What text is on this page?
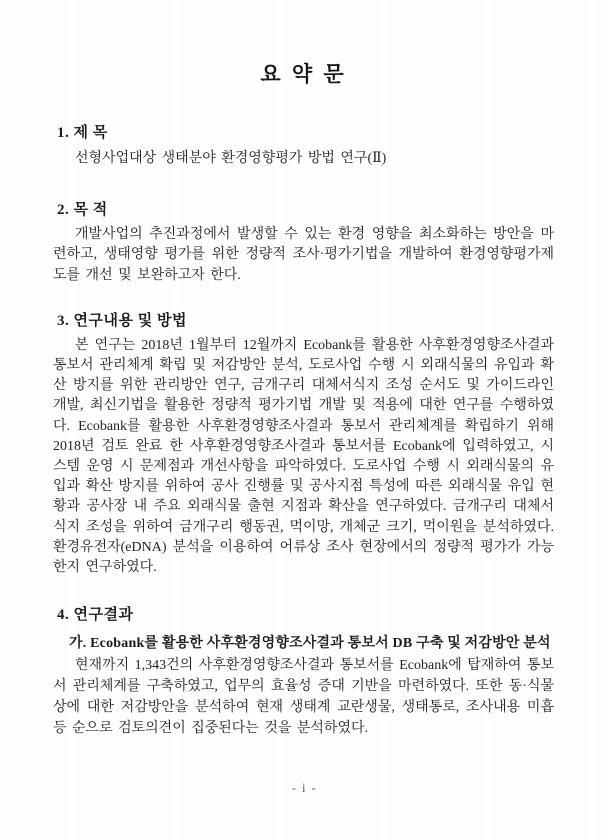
요 약 문
1. 제 목

선형사업대상 생태분야 환경영향평가 방법 연구(Ⅱ)

2. 목 적

개발사업의 추진과정에서 발생할 수 있는 환경 영향을 최소화하는 방안을 마련하고, 생태영향 평가를 위한 정량적 조사·평가기법을 개발하여 환경영향평가제도를 개선 및 보완하고자 한다.

3. 연구내용 및 방법

본 연구는 2018년 1월부터 12월까지 Ecobank를 활용한 사후환경영향조사결과 통보서 관리체계 확립 및 저감방안 분석, 도로사업 수행 시 외래식물의 유입과 확산 방지를 위한 관리방안 연구, 금개구리 대체서식지 조성 순서도 및 가이드라인 개발, 최신기법을 활용한 정량적 평가기법 개발 및 적용에 대한 연구를 수행하였다. Ecobank를 활용한 사후환경영향조사결과 통보서 관리체계를 확립하기 위해 2018년 검토 완료 한 사후환경영향조사결과 통보서를 Ecobank에 입력하였고, 시스템 운영 시 문제점과 개선사항을 파악하였다. 도로사업 수행 시 외래식물의 유입과 확산 방지를 위하여 공사 진행률 및 공사지점 특성에 따른 외래식물 유입 현황과 공사장 내 주요 외래식물 출현 지점과 확산을 연구하였다. 금개구리 대체서식지 조성을 위하여 금개구리 행동권, 먹이망, 개체군 크기, 먹이원을 분석하였다. 환경유전자(eDNA) 분석을 이용하여 어류상 조사 현장에서의 정량적 평가가 가능한지 연구하였다.

4. 연구결과
가. Ecobank를 활용한 사후환경영향조사결과 통보서 DB 구축 및 저감방안 분석

현재까지 1,343건의 사후환경영향조사결과 통보서를 Ecobank에 탑재하여 통보서 관리체계를 구축하였고, 업무의 효율성 증대 기반을 마련하였다. 또한 동·식물상에 대한 저감방안을 분석하여 현재 생태계 교란생물, 생태통로, 조사내용 미흡 등 순으로 검토의견이 집중된다는 것을 분석하였다.

- i -
